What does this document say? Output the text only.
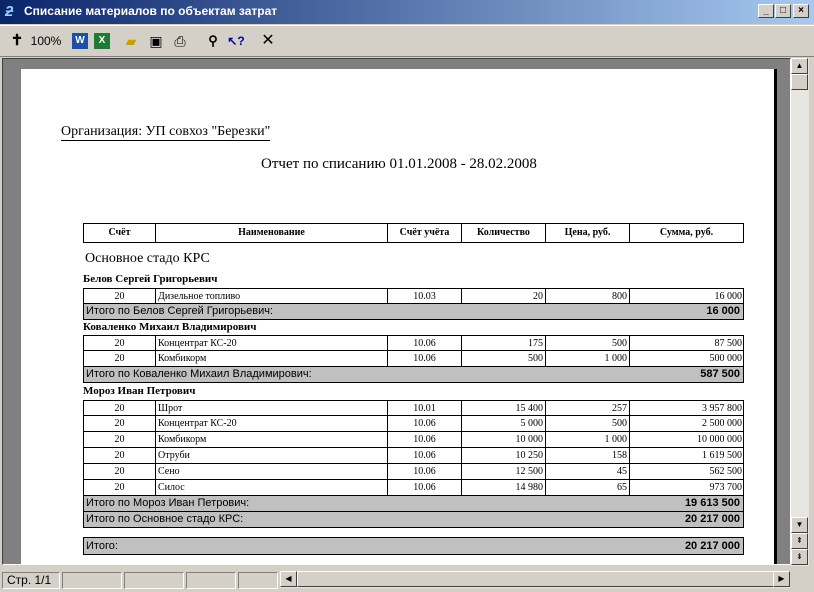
ƻ Списание материалов по объектам затрат	_	□	×
✝ 100%	W	X	▰ ▣ ⎙	⚲ ↖? ✕
Организация: УП совхоз "Березки"
Отчет по списанию 01.01.2008 - 28.02.2008
Счёт	Наименование	Счёт учёта	Количество	Цена, руб.	Сумма, руб.
Основное стадо КРС
Белов Сергей Григорьевич
20	Дизельное топливо	10.03	20	800	16 000
Итого по Белов Сергей Григорьевич:	16 000
Коваленко Михаил Владимирович
20	Концентрат КС-20	10.06	175	500	87 500
20	Комбикорм	10.06	500	1 000	500 000
Итого по Коваленко Михаил Владимирович:	587 500
Мороз Иван Петрович
20	Шрот	10.01	15 400	257	3 957 800
20	Концентрат КС-20	10.06	5 000	500	2 500 000
20	Комбикорм	10.06	10 000	1 000	10 000 000
20	Отруби	10.06	10 250	158	1 619 500
20	Сено	10.06	12 500	45	562 500
20	Силос	10.06	14 980	65	973 700
Итого по Мороз Иван Петрович:	19 613 500
Итого по Основное стадо КРС:	20 217 000
Итого:	20 217 000
▲
▼
⇞
⇟
Стр. 1/1	◀	▶
